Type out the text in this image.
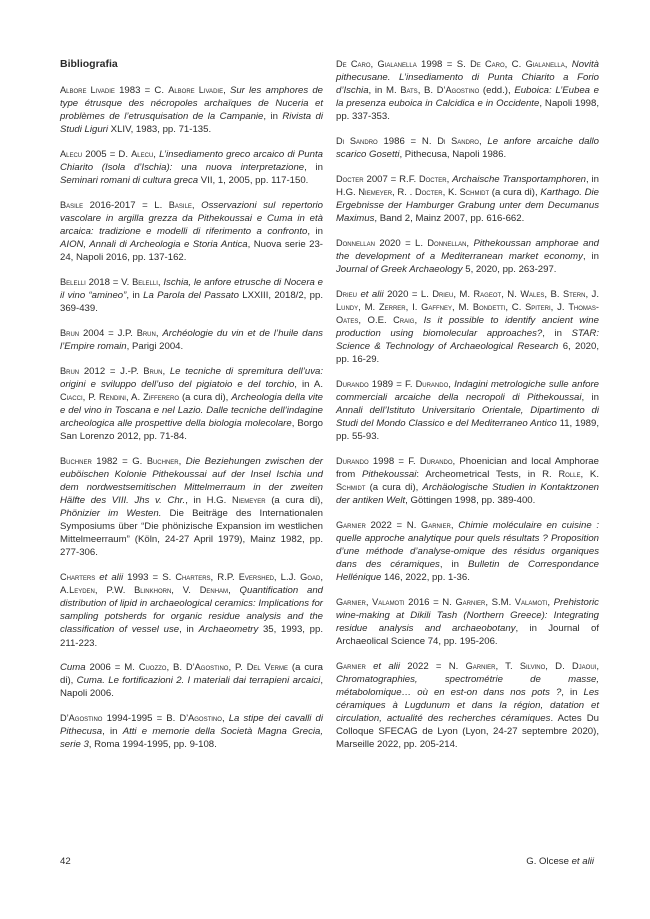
Bibliografia

Albore Livadie 1983 = C. Albore Livadie, Sur les amphores de type étrusque des nécropoles archaïques de Nuceria et problèmes de l’etrusquisation de la Campanie, in Rivista di Studi Liguri XLIV, 1983, pp. 71-135.

Alecu 2005 = D. Alecu, L’insediamento greco arcaico di Punta Chiarito (Isola d’Ischia): una nuova interpretazione, in Seminari romani di cultura greca VII, 1, 2005, pp. 117-150.

Basile 2016-2017 = L. Basile, Osservazioni sul repertorio vascolare in argilla grezza da Pithekoussai e Cuma in età arcaica: tradizione e modelli di riferimento a confronto, in AION, Annali di Archeologia e Storia Antica, Nuova serie 23-24, Napoli 2016, pp. 137-162.

Belelli 2018 = V. Belelli, Ischia, le anfore etrusche di Nocera e il vino “amineo”, in La Parola del Passato LXXIII, 2018/2, pp. 369-439.

Brun 2004 = J.P. Brun, Archéologie du vin et de l’huile dans l’Empire romain, Parigi 2004.

Brun 2012 = J.-P. Brun, Le tecniche di spremitura dell’uva: origini e sviluppo dell’uso del pigiatoio e del torchio, in A. Ciacci, P. Rendini, A. Zifferero (a cura di), Archeologia della vite e del vino in Toscana e nel Lazio. Dalle tecniche dell’indagine archeologica alle prospettive della biologia molecolare, Borgo San Lorenzo 2012, pp. 71-84.

Buchner 1982 = G. Buchner, Die Beziehungen zwischen der euböischen Kolonie Pithekoussai auf der Insel Ischia und dem nordwestsemitischen Mittelmerraum in der zweiten Hälfte des VIII. Jhs v. Chr., in H.G. Niemeyer (a cura di), Phönizier im Westen. Die Beiträge des Internationalen Symposiums über “Die phönizische Expansion im westlichen Mittelmeerraum” (Köln, 24-27 April 1979), Mainz 1982, pp. 277-306.

Charters et alii 1993 = S. Charters, R.P. Evershed, L.J. Goad, A.Leyden, P.W. Blinkhorn, V. Denham, Quantification and distribution of lipid in archaeological ceramics: Implications for sampling potsherds for organic residue analysis and the classification of vessel use, in Archaeometry 35, 1993, pp. 211-223.

Cuma 2006 = M. Cuozzo, B. D’Agostino, P. Del Verme (a cura di), Cuma. Le fortificazioni 2. I materiali dai terrapieni arcaici, Napoli 2006.

D’Agostino 1994-1995 = B. D’Agostino, La stipe dei cavalli di Pithecusa, in Atti e memorie della Società Magna Grecia, serie 3, Roma 1994-1995, pp. 9-108.

De Caro, Gialanella 1998 = S. De Caro, C. Gialanella, Novità pithecusane. L’insediamento di Punta Chiarito a Forio d’Ischia, in M. Bats, B. D’Agostino (edd.), Euboica: L’Eubea e la presenza euboica in Calcidica e in Occidente, Napoli 1998, pp. 337-353.

Di Sandro 1986 = N. Di Sandro, Le anfore arcaiche dallo scarico Gosetti, Pithecusa, Napoli 1986.

Docter 2007 = R.F. Docter, Archaische Transportamphoren, in H.G. Niemeyer, R. . Docter, K. Schmidt (a cura di), Karthago. Die Ergebnisse der Hamburger Grabung unter dem Decumanus Maximus, Band 2, Mainz 2007, pp. 616-662.

Donnellan 2020 = L. Donnellan, Pithekoussan amphorae and the development of a Mediterranean market economy, in Journal of Greek Archaeology 5, 2020, pp. 263-297.

Drieu et alii 2020 = L. Drieu, M. Rageot, N. Wales, B. Stern, J. Lundy, M. Zerrer, I. Gaffney, M. Bondetti, C. Spiteri, J. Thomas-Oates, O.E. Craig, Is it possible to identify ancient wine production using biomolecular approaches?, in STAR: Science & Technology of Archaeological Research 6, 2020, pp. 16-29.

Durando 1989 = F. Durando, Indagini metrologiche sulle anfore commerciali arcaiche della necropoli di Pithekoussai, in Annali dell’Istituto Universitario Orientale, Dipartimento di Studi del Mondo Classico e del Mediterraneo Antico 11, 1989, pp. 55-93.

Durando 1998 = F. Durando, Phoenician and local Amphorae from Pithekoussai: Archeometrical Tests, in R. Rolle, K. Schmidt (a cura di), Archäologische Studien in Kontaktzonen der antiken Welt, Göttingen 1998, pp. 389-400.

Garnier 2022 = N. Garnier, Chimie moléculaire en cuisine : quelle approche analytique pour quels résultats ? Proposition d’une méthode d’analyse-omique des résidus organiques dans des céramiques, in Bulletin de Correspondance Hellénique 146, 2022, pp. 1-36.

Garnier, Valamoti 2016 = N. Garnier, S.M. Valamoti, Prehistoric wine-making at Dikili Tash (Northern Greece): Integrating residue analysis and archaeobotany, in Journal of Archaeolical Science 74, pp. 195-206.

Garnier et alii 2022 = N. Garnier, T. Silvino, D. Djaoui, Chromatographies, spectrométrie de masse, métabolomique… où en est-on dans nos pots ?, in Les céramiques à Lugdunum et dans la région, datation et circulation, actualité des recherches céramiques. Actes Du Colloque SFECAG de Lyon (Lyon, 24-27 septembre 2020), Marseille 2022, pp. 205-214.

42	G. Olcese et alii
